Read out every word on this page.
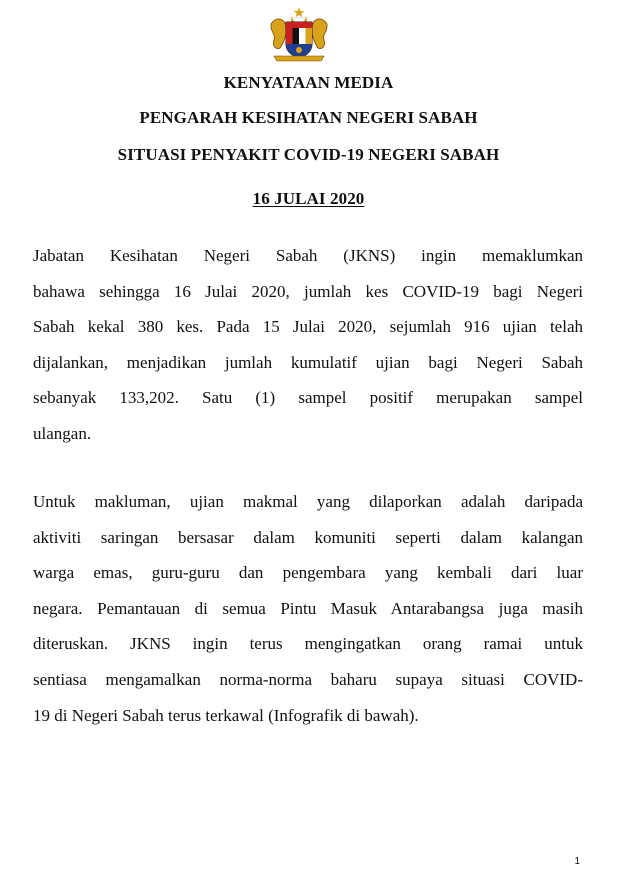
KENYATAAN MEDIA
PENGARAH KESIHATAN NEGERI SABAH
SITUASI PENYAKIT COVID-19 NEGERI SABAH
16 JULAI 2020
Jabatan Kesihatan Negeri Sabah (JKNS) ingin memaklumkan
bahawa sehingga 16 Julai 2020, jumlah kes COVID-19 bagi Negeri
Sabah kekal 380 kes. Pada 15 Julai 2020, sejumlah 916 ujian telah
dijalankan, menjadikan jumlah kumulatif ujian bagi Negeri Sabah
sebanyak 133,202. Satu (1) sampel positif merupakan sampel
ulangan.
Untuk makluman, ujian makmal yang dilaporkan adalah daripada
aktiviti saringan bersasar dalam komuniti seperti dalam kalangan
warga emas, guru-guru dan pengembara yang kembali dari luar
negara. Pemantauan di semua Pintu Masuk Antarabangsa juga masih
diteruskan. JKNS ingin terus mengingatkan orang ramai untuk
sentiasa mengamalkan norma-norma baharu supaya situasi COVID-
19 di Negeri Sabah terus terkawal (Infografik di bawah).
1
